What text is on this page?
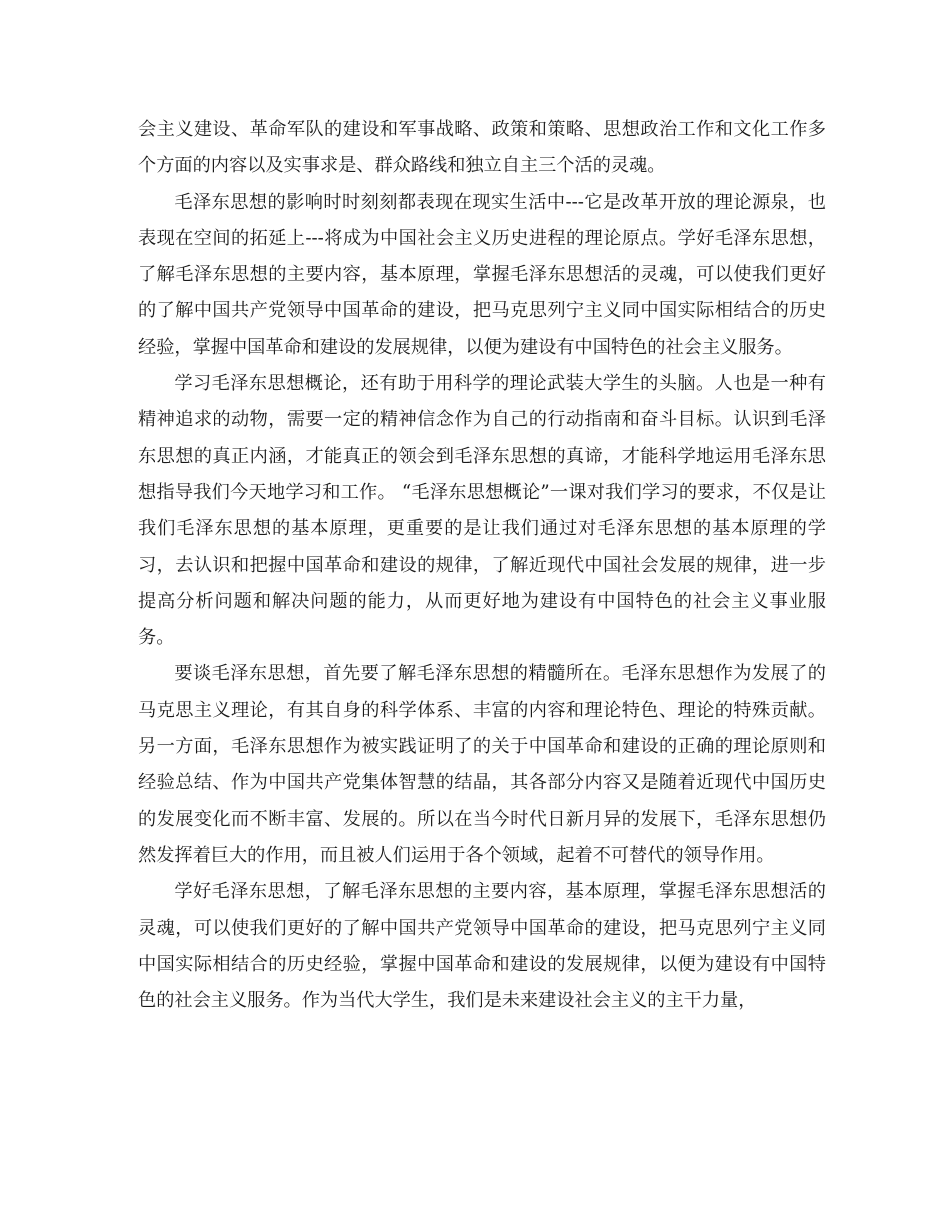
会主义建设、革命军队的建设和军事战略、政策和策略、思想政治工作和文化工作多个方面的内容以及实事求是、群众路线和独立自主三个活的灵魂。

毛泽东思想的影响时时刻刻都表现在现实生活中---它是改革开放的理论源泉，也表现在空间的拓延上---将成为中国社会主义历史进程的理论原点。学好毛泽东思想，了解毛泽东思想的主要内容，基本原理，掌握毛泽东思想活的灵魂，可以使我们更好的了解中国共产党领导中国革命的建设，把马克思列宁主义同中国实际相结合的历史经验，掌握中国革命和建设的发展规律，以便为建设有中国特色的社会主义服务。

学习毛泽东思想概论，还有助于用科学的理论武装大学生的头脑。人也是一种有精神追求的动物，需要一定的精神信念作为自己的行动指南和奋斗目标。认识到毛泽东思想的真正内涵，才能真正的领会到毛泽东思想的真谛，才能科学地运用毛泽东思想指导我们今天地学习和工作。 “毛泽东思想概论”一课对我们学习的要求，不仅是让我们毛泽东思想的基本原理，更重要的是让我们通过对毛泽东思想的基本原理的学习，去认识和把握中国革命和建设的规律，了解近现代中国社会发展的规律，进一步提高分析问题和解决问题的能力，从而更好地为建设有中国特色的社会主义事业服务。

要谈毛泽东思想，首先要了解毛泽东思想的精髓所在。毛泽东思想作为发展了的马克思主义理论，有其自身的科学体系、丰富的内容和理论特色、理论的特殊贡献。另一方面，毛泽东思想作为被实践证明了的关于中国革命和建设的正确的理论原则和经验总结、作为中国共产党集体智慧的结晶，其各部分内容又是随着近现代中国历史的发展变化而不断丰富、发展的。所以在当今时代日新月异的发展下，毛泽东思想仍然发挥着巨大的作用，而且被人们运用于各个领域，起着不可替代的领导作用。

学好毛泽东思想，了解毛泽东思想的主要内容，基本原理，掌握毛泽东思想活的灵魂，可以使我们更好的了解中国共产党领导中国革命的建设，把马克思列宁主义同中国实际相结合的历史经验，掌握中国革命和建设的发展规律，以便为建设有中国特色的社会主义服务。作为当代大学生，我们是未来建设社会主义的主干力量，
